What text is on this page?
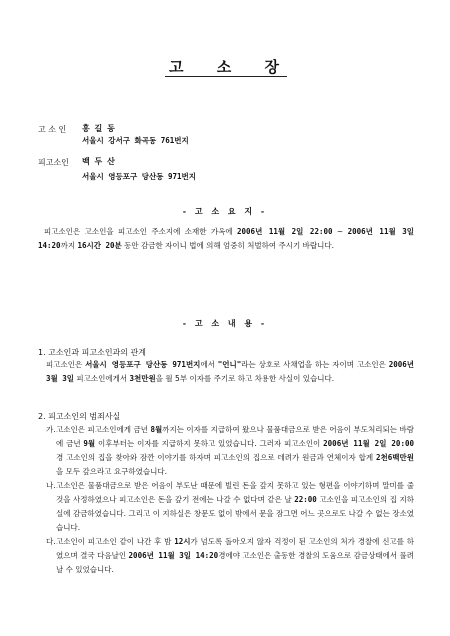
고 소 장
고 소 인 홍 길 동
서울시 강서구 화곡동 761번지
피고소인 백 두 산
서울시 영등포구 당산동 971번지
- 고 소 요 지 -
피고소인은 고소인을 피고소인 주소지에 소재한 가옥에 2006년 11월 2일 22:00 ~ 2006년 11월 3일 14:20까지 16시간 20분 동안 감금한 자이니 법에 의해 엄중히 처벌하여 주시기 바랍니다.
- 고 소 내 용 -
1. 고소인과 피고소인과의 관계
피고소인은 서울시 영등포구 당산동 971번지에서 "언니"라는 상호로 사채업을 하는 자이며 고소인은 2006년 3월 3일 피고소인에게서 3천만원을 월 5부 이자를 주기로 하고 차용한 사실이 있습니다.
2. 피고소인의 범죄사실
가. 고소인은 피고소인에게 금년 8월까지는 이자를 지급하여 왔으나 물품대금으로 받은 어음이 부도처리되는 바람에 금년 9월 이후부터는 이자를 지급하지 못하고 있었습니다. 그러자 피고소인이 2006년 11월 2일 20:00경 고소인의 집을 찾아와 잠깐 이야기를 하자며 피고소인의 집으로 데려가 원금과 연체이자 합계 2천6백만원을 모두 갚으라고 요구하였습니다.
나. 고소인은 물품대금으로 받은 어음이 부도난 때문에 빌린 돈을 갚지 못하고 있는 형편을 이야기하며 말미를 줄 것을 사정하였으나 피고소인은 돈을 갚기 전에는 나갈 수 없다며 같은 날 22:00 고소인을 피고소인의 집 지하실에 감금하였습니다. 그리고 이 지하실은 창문도 없이 밖에서 문을 잠그면 어느 곳으로도 나갈 수 없는 장소였습니다.
다. 고소인이 피고소인 같이 나간 후 밤 12시가 넘도록 돌아오지 않자 걱정이 된 고소인의 처가 경찰에 신고를 하였으며 결국 다음날인 2006년 11월 3일 14:20경에야 고소인은 출동한 경찰의 도움으로 감금상태에서 풀려날 수 있었습니다.
